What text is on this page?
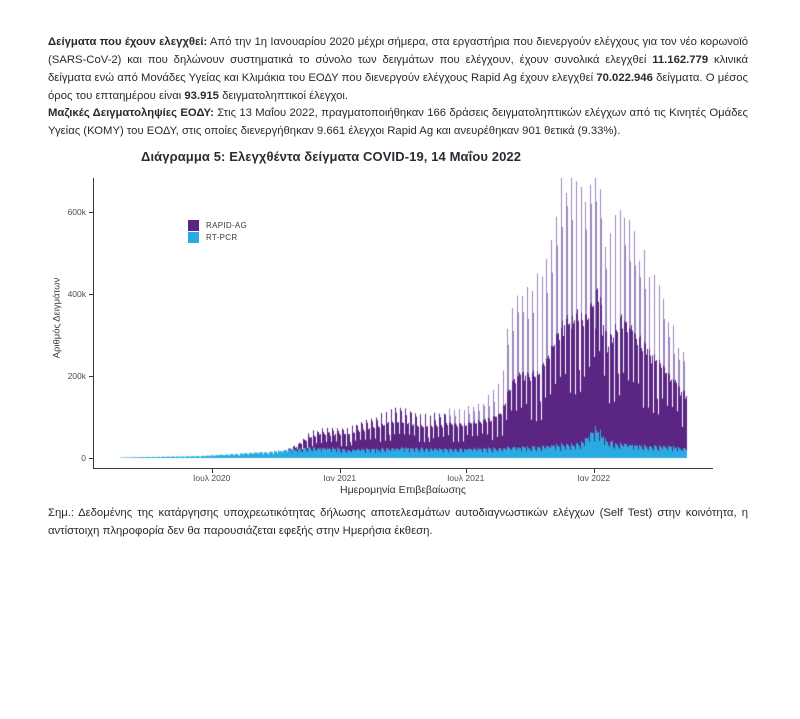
Δείγματα που έχουν ελεγχθεί: Από την 1η Ιανουαρίου 2020 μέχρι σήμερα, στα εργαστήρια που διενεργούν ελέγχους για τον νέο κορωνοϊό (SARS-CoV-2) και που δηλώνουν συστηματικά το σύνολο των δειγμάτων που ελέγχουν, έχουν συνολικά ελεγχθεί 11.162.779 κλινικά δείγματα ενώ από Μονάδες Υγείας και Κλιμάκια του ΕΟΔΥ που διενεργούν ελέγχους Rapid Ag έχουν ελεγχθεί 70.022.946 δείγματα. Ο μέσος όρος του επταημέρου είναι 93.915 δειγματοληπτικοί έλεγχοι.
Μαζικές Δειγματοληψίες ΕΟΔΥ: Στις 13 Μαΐου 2022, πραγματοποιήθηκαν 166 δράσεις δειγματοληπτικών ελέγχων από τις Κινητές Ομάδες Υγείας (ΚΟΜΥ) του ΕΟΔΥ, στις οποίες διενεργήθηκαν 9.661 έλεγχοι Rapid Ag και ανευρέθηκαν 901 θετικά (9.33%).
Διάγραμμα 5: Ελεγχθέντα δείγματα COVID-19, 14 Μαΐου 2022
Αριθμός Δειγμάτων
0
200k
400k
600k
Ιουλ 2020	Ιαν 2021	Ιουλ 2021	Ιαν 2022
RAPID-AG
RT-PCR
Ημερομηνία Επιβεβαίωσης
Σημ.: Δεδομένης της κατάργησης υποχρεωτικότητας δήλωσης αποτελεσμάτων αυτοδιαγνωστικών ελέγχων (Self Test) στην κοινότητα, η αντίστοιχη πληροφορία δεν θα παρουσιάζεται εφεξής στην Ημερήσια έκθεση.
